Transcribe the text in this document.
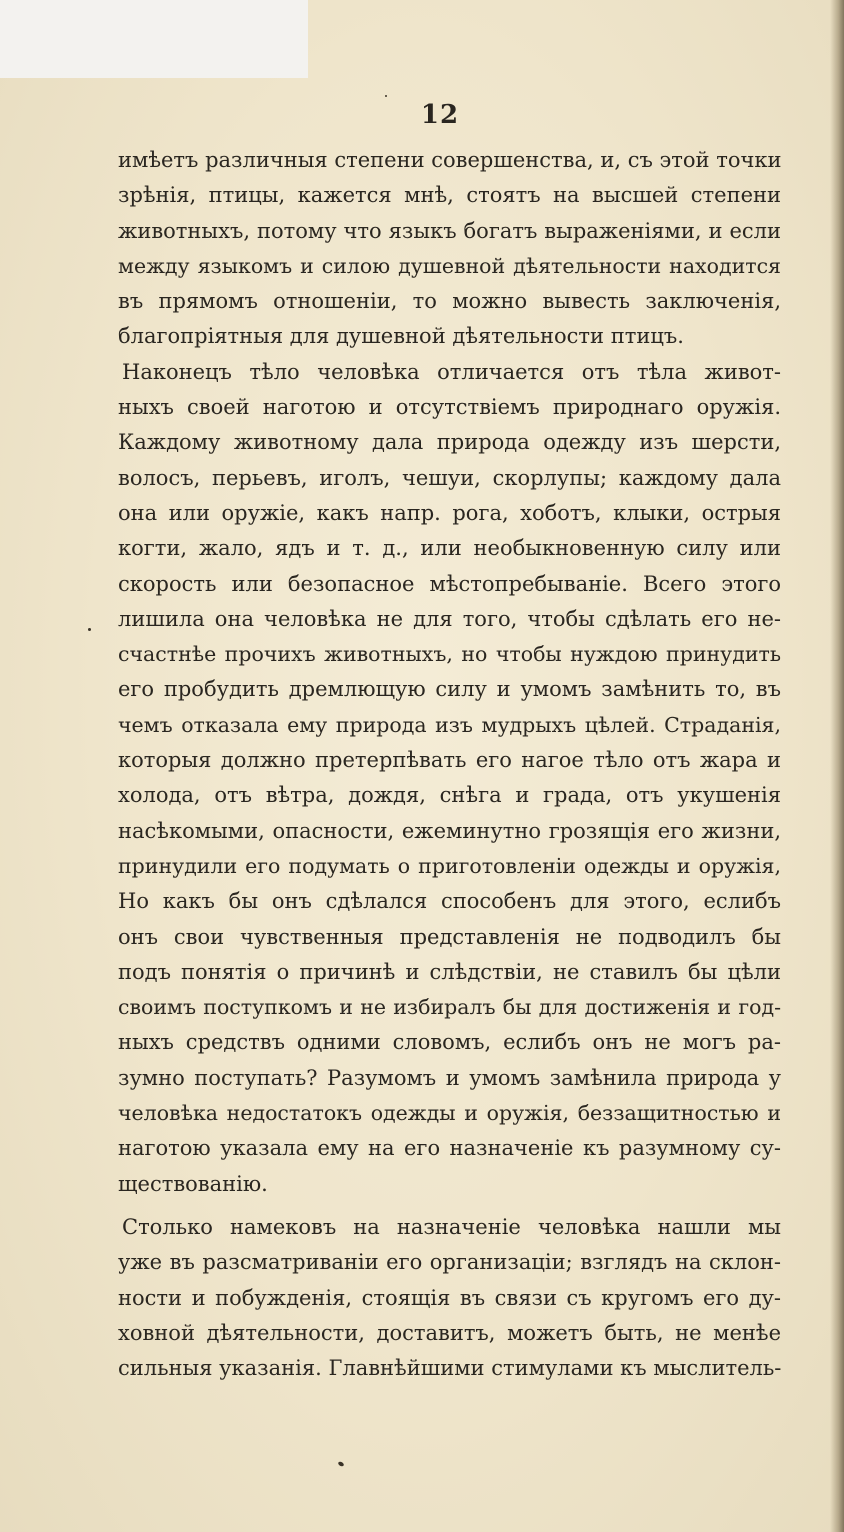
12
имѣетъ различныя степени совершенства, и, съ этой точки
зрѣнія, птицы, кажется мнѣ, стоятъ на высшей степени
животныхъ, потому что языкъ богатъ выраженіями, и если
между языкомъ и силою душевной дѣятельности находится
въ прямомъ отношеніи, то можно вывесть заключенія,
благопріятныя для душевной дѣятельности птицъ.
Наконецъ тѣло человѣка отличается отъ тѣла живот-
ныхъ своей наготою и отсутствіемъ природнаго оружія.
Каждому животному дала природа одежду изъ шерсти,
волосъ, перьевъ, иголъ, чешуи, скорлупы; каждому дала
она или оружіе, какъ напр. рога, хоботъ, клыки, острыя
когти, жало, ядъ и т. д., или необыкновенную силу или
скорость или безопасное мѣстопребываніе. Всего этого
лишила она человѣка не для того, чтобы сдѣлать его не-
счастнѣе прочихъ животныхъ, но чтобы нуждою принудить
его пробудить дремлющую силу и умомъ замѣнить то, въ
чемъ отказала ему природа изъ мудрыхъ цѣлей. Страданія,
которыя должно претерпѣвать его нагое тѣло отъ жара и
холода, отъ вѣтра, дождя, снѣга и града, отъ укушенія
насѣкомыми, опасности, ежеминутно грозящія его жизни,
принудили его подумать о приготовленіи одежды и оружія,
Но какъ бы онъ сдѣлался способенъ для этого, еслибъ
онъ свои чувственныя представленія не подводилъ бы
подъ понятія о причинѣ и слѣдствіи, не ставилъ бы цѣли
своимъ поступкомъ и не избиралъ бы для достиженія и год-
ныхъ средствъ одними словомъ, еслибъ онъ не могъ ра-
зумно поступать? Разумомъ и умомъ замѣнила природа у
человѣка недостатокъ одежды и оружія, беззащитностью и
наготою указала ему на его назначеніе къ разумному су-
ществованію.
Столько намековъ на назначеніе человѣка нашли мы
уже въ разсматриваніи его организаціи; взглядъ на склон-
ности и побужденія, стоящія въ связи съ кругомъ его ду-
ховной дѣятельности, доставитъ, можетъ быть, не менѣе
сильныя указанія. Главнѣйшими стимулами къ мыслитель-
